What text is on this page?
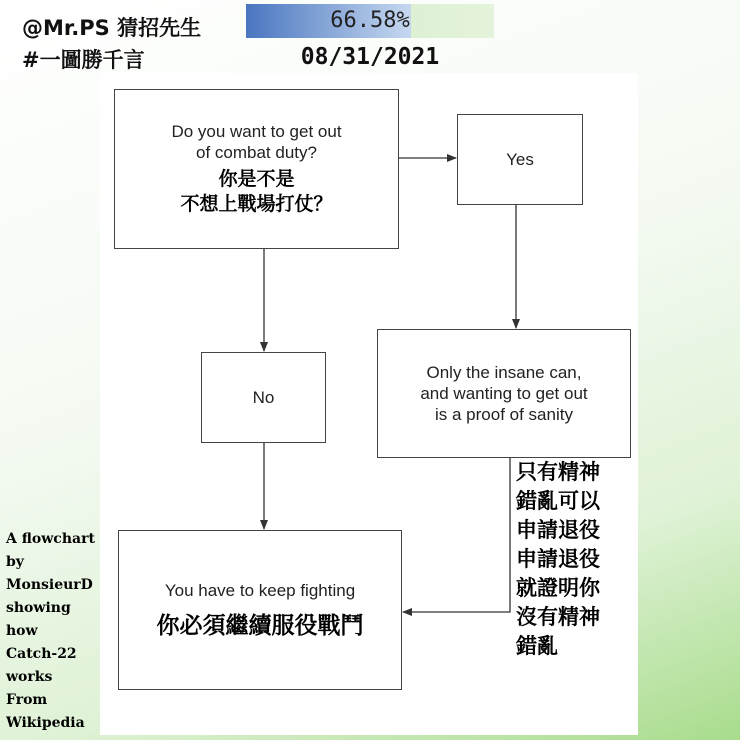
@Mr.PS 猜招先生
#一圖勝千言
66.58%
08/31/2021
Do you want to get out
of combat duty?
你是不是
不想上戰場打仗？
Yes
No
Only the insane can,
and wanting to get out
is a proof of sanity
只有精神
錯亂可以
申請退役
申請退役
就證明你
沒有精神
錯亂
You have to keep fighting
你必須繼續服役戰鬥
A flowchart
by
MonsieurD
showing
how
Catch-22
works
From
Wikipedia
